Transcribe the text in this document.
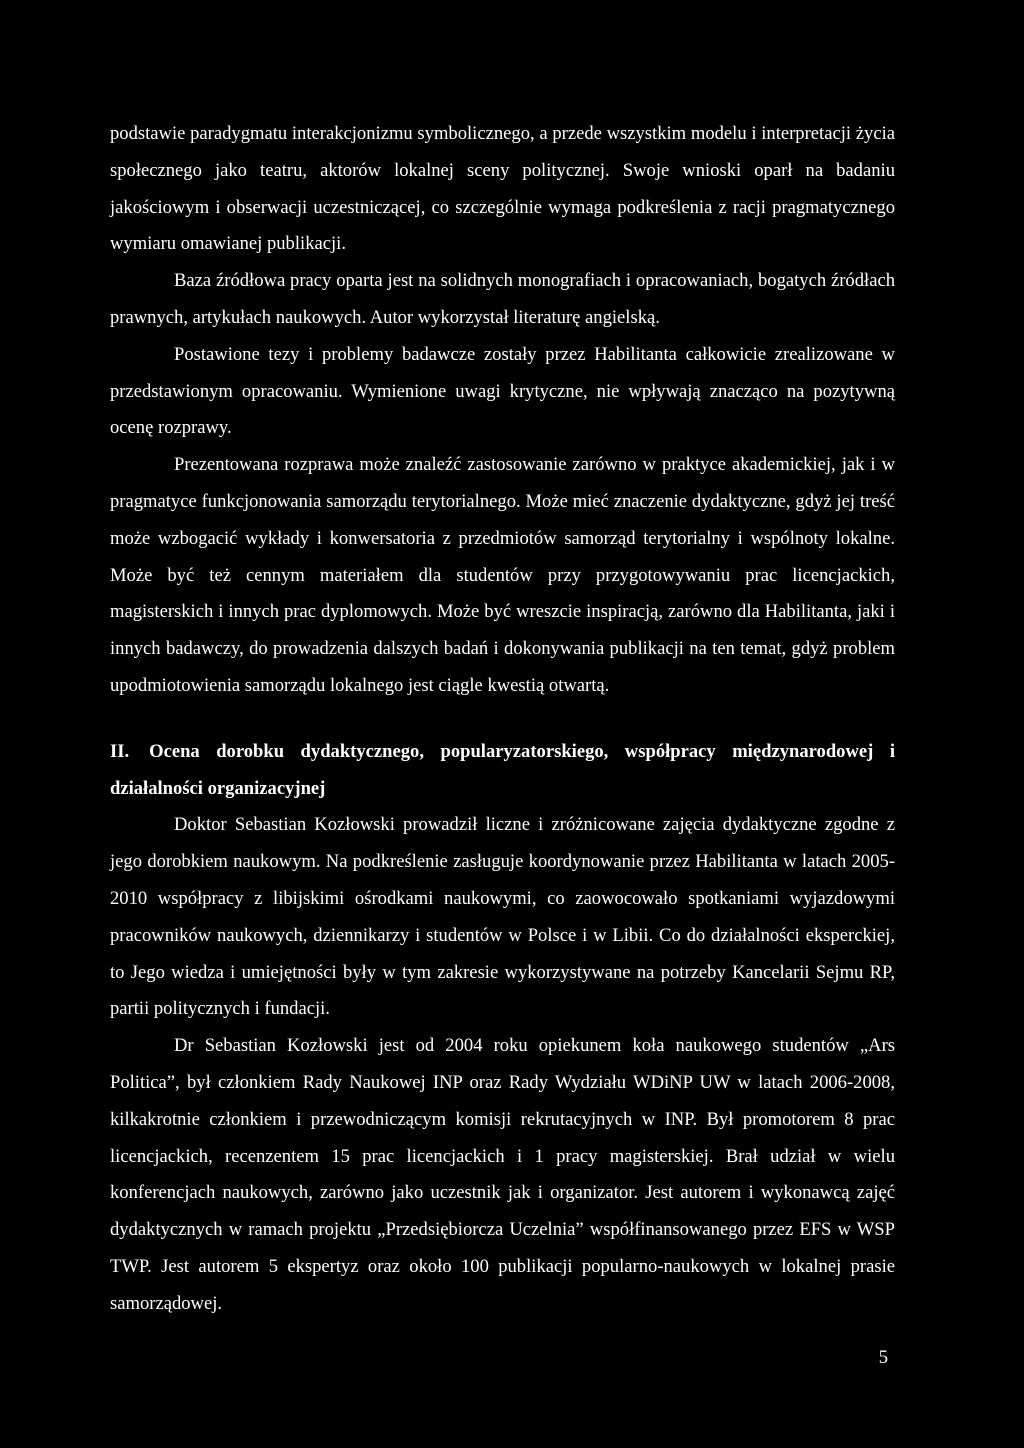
podstawie paradygmatu interakcjonizmu symbolicznego, a przede wszystkim modelu i interpretacji życia społecznego jako teatru, aktorów lokalnej sceny politycznej. Swoje wnioski oparł na badaniu jakościowym i obserwacji uczestniczącej, co szczególnie wymaga podkreślenia z racji pragmatycznego wymiaru omawianej publikacji.

Baza źródłowa pracy oparta jest na solidnych monografiach i opracowaniach, bogatych źródłach prawnych, artykułach naukowych. Autor wykorzystał literaturę angielską.

Postawione tezy i problemy badawcze zostały przez Habilitanta całkowicie zrealizowane w przedstawionym opracowaniu. Wymienione uwagi krytyczne, nie wpływają znacząco na pozytywną ocenę rozprawy.

Prezentowana rozprawa może znaleźć zastosowanie zarówno w praktyce akademickiej, jak i w pragmatyce funkcjonowania samorządu terytorialnego. Może mieć znaczenie dydaktyczne, gdyż jej treść może wzbogacić wykłady i konwersatoria z przedmiotów samorząd terytorialny i wspólnoty lokalne. Może być też cennym materiałem dla studentów przy przygotowywaniu prac licencjackich, magisterskich i innych prac dyplomowych. Może być wreszcie inspiracją, zarówno dla Habilitanta, jaki i innych badawczy, do prowadzenia dalszych badań i dokonywania publikacji na ten temat, gdyż problem upodmiotowienia samorządu lokalnego jest ciągle kwestią otwartą.

II. Ocena dorobku dydaktycznego, popularyzatorskiego, współpracy międzynarodowej i działalności organizacyjnej

Doktor Sebastian Kozłowski prowadził liczne i zróżnicowane zajęcia dydaktyczne zgodne z jego dorobkiem naukowym. Na podkreślenie zasługuje koordynowanie przez Habilitanta w latach 2005-2010 współpracy z libijskimi ośrodkami naukowymi, co zaowocowało spotkaniami wyjazdowymi pracowników naukowych, dziennikarzy i studentów w Polsce i w Libii. Co do działalności eksperckiej, to Jego wiedza i umiejętności były w tym zakresie wykorzystywane na potrzeby Kancelarii Sejmu RP, partii politycznych i fundacji.

Dr Sebastian Kozłowski jest od 2004 roku opiekunem koła naukowego studentów „Ars Politica”, był członkiem Rady Naukowej INP oraz Rady Wydziału WDiNP UW w latach 2006-2008, kilkakrotnie członkiem i przewodniczącym komisji rekrutacyjnych w INP. Był promotorem 8 prac licencjackich, recenzentem 15 prac licencjackich i 1 pracy magisterskiej. Brał udział w wielu konferencjach naukowych, zarówno jako uczestnik jak i organizator. Jest autorem i wykonawcą zajęć dydaktycznych w ramach projektu „Przedsiębiorcza Uczelnia” współfinansowanego przez EFS w WSP TWP. Jest autorem 5 ekspertyz oraz około 100 publikacji popularno-naukowych w lokalnej prasie samorządowej.

5
